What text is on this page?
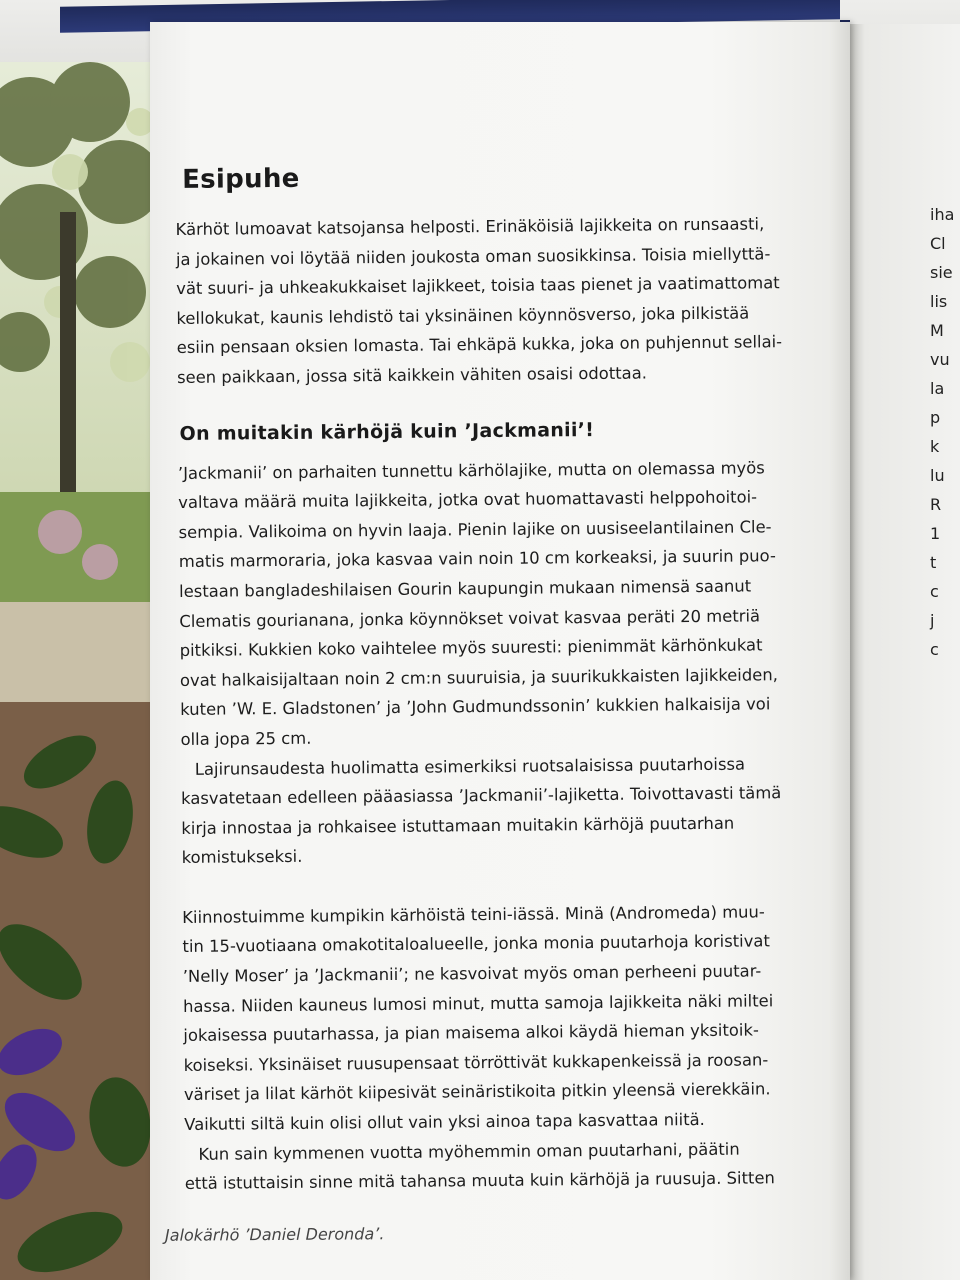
Esipuhe

Kärhöt lumoavat katsojansa helposti. Erinäköisiä lajikkeita on runsaasti,
ja jokainen voi löytää niiden joukosta oman suosikkinsa. Toisia miellyttä-
vät suuri- ja uhkeakukkaiset lajikkeet, toisia taas pienet ja vaatimattomat
kellokukat, kaunis lehdistö tai yksinäinen köynnösverso, joka pilkistää
esiin pensaan oksien lomasta. Tai ehkäpä kukka, joka on puhjennut sellai-
seen paikkaan, jossa sitä kaikkein vähiten osaisi odottaa.

On muitakin kärhöjä kuin ’Jackmanii’!

’Jackmanii’ on parhaiten tunnettu kärhölajike, mutta on olemassa myös
valtava määrä muita lajikkeita, jotka ovat huomattavasti helppohoitoi-
sempia. Valikoima on hyvin laaja. Pienin lajike on uusiseelantilainen Cle-
matis marmoraria, joka kasvaa vain noin 10 cm korkeaksi, ja suurin puo-
lestaan bangladeshilaisen Gourin kaupungin mukaan nimensä saanut
Clematis gourianana, jonka köynnökset voivat kasvaa peräti 20 metriä
pitkiksi. Kukkien koko vaihtelee myös suuresti: pienimmät kärhönkukat
ovat halkaisijaltaan noin 2 cm:n suuruisia, ja suurikukkaisten lajikkeiden,
kuten ’W. E. Gladstonen’ ja ’John Gudmundssonin’ kukkien halkaisija voi
olla jopa 25 cm.

Lajirunsaudesta huolimatta esimerkiksi ruotsalaisissa puutarhoissa
kasvatetaan edelleen pääasiassa ’Jackmanii’-lajiketta. Toivottavasti tämä
kirja innostaa ja rohkaisee istuttamaan muitakin kärhöjä puutarhan
komistukseksi.

Kiinnostuimme kumpikin kärhöistä teini-iässä. Minä (Andromeda) muu-
tin 15-vuotiaana omakotitaloalueelle, jonka monia puutarhoja koristivat
’Nelly Moser’ ja ’Jackmanii’; ne kasvoivat myös oman perheeni puutar-
hassa. Niiden kauneus lumosi minut, mutta samoja lajikkeita näki miltei
jokaisessa puutarhassa, ja pian maisema alkoi käydä hieman yksitoik-
koiseksi. Yksinäiset ruusupensaat törröttivät kukkapenkeissä ja roosan-
väriset ja lilat kärhöt kiipesivät seinäristikoita pitkin yleensä vierekkäin.
Vaikutti siltä kuin olisi ollut vain yksi ainoa tapa kasvattaa niitä.

Kun sain kymmenen vuotta myöhemmin oman puutarhani, päätin
että istuttaisin sinne mitä tahansa muuta kuin kärhöjä ja ruusuja. Sitten

Jalokärhö ’Daniel Deronda’.
iha
Cl
sie
lis
M
vu
la
p
k
lu
R
1
t
c
j
c
